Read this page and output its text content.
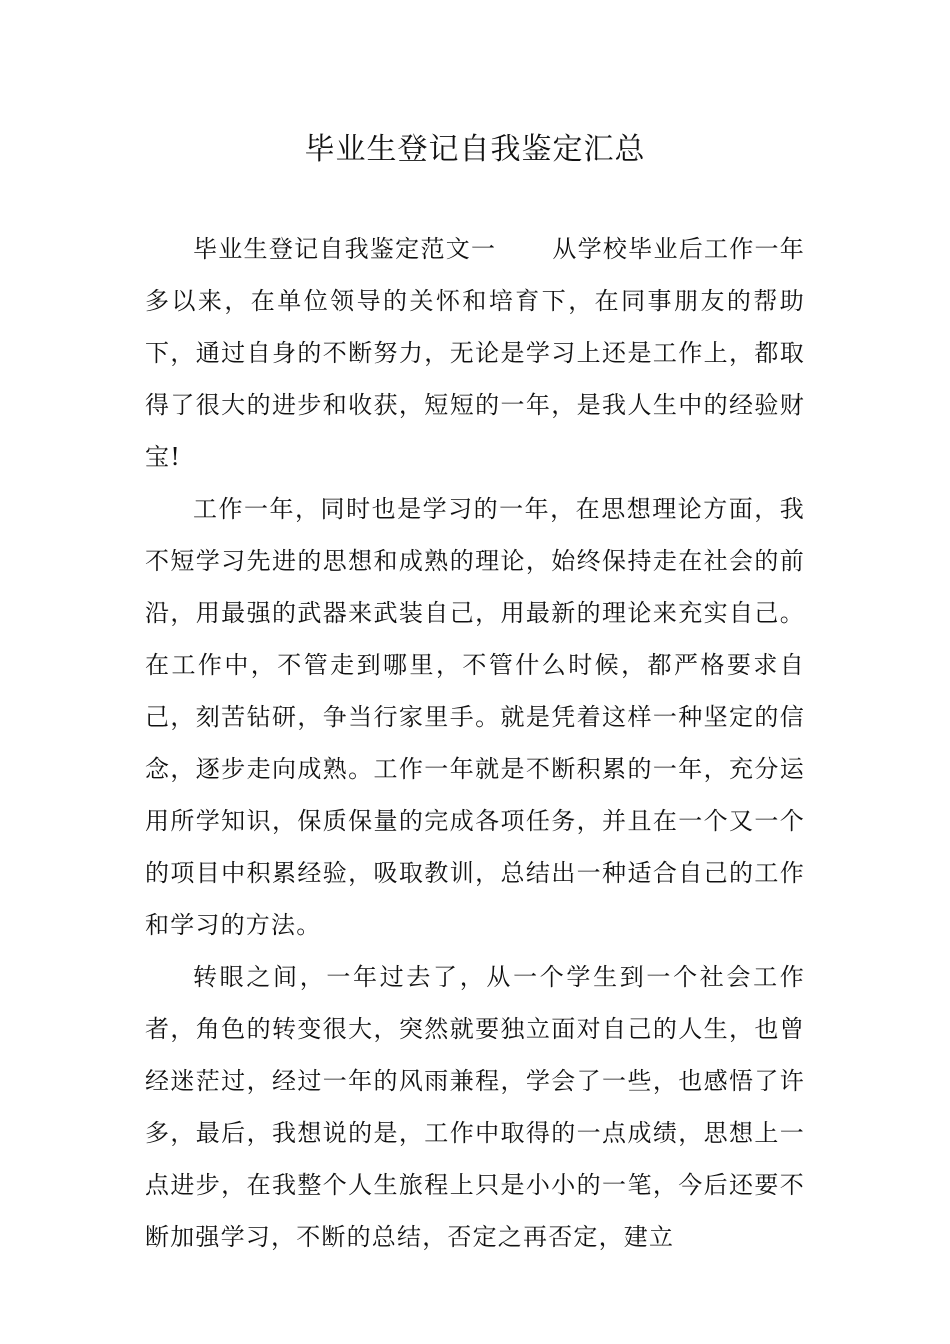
毕业生登记自我鉴定汇总

毕业生登记自我鉴定范文一 从学校毕业后工作一年多以来，在单位领导的关怀和培育下，在同事朋友的帮助下，通过自身的不断努力，无论是学习上还是工作上，都取得了很大的进步和收获，短短的一年，是我人生中的经验财宝!

工作一年，同时也是学习的一年，在思想理论方面，我不短学习先进的思想和成熟的理论，始终保持走在社会的前沿，用最强的武器来武装自己，用最新的理论来充实自己。在工作中，不管走到哪里，不管什么时候，都严格要求自己，刻苦钻研，争当行家里手。就是凭着这样一种坚定的信念，逐步走向成熟。工作一年就是不断积累的一年，充分运用所学知识，保质保量的完成各项任务，并且在一个又一个的项目中积累经验，吸取教训，总结出一种适合自己的工作和学习的方法。

转眼之间，一年过去了，从一个学生到一个社会工作者，角色的转变很大，突然就要独立面对自己的人生，也曾经迷茫过，经过一年的风雨兼程，学会了一些，也感悟了许多，最后，我想说的是，工作中取得的一点成绩，思想上一点进步，在我整个人生旅程上只是小小的一笔，今后还要不断加强学习，不断的总结，否定之再否定，建立
